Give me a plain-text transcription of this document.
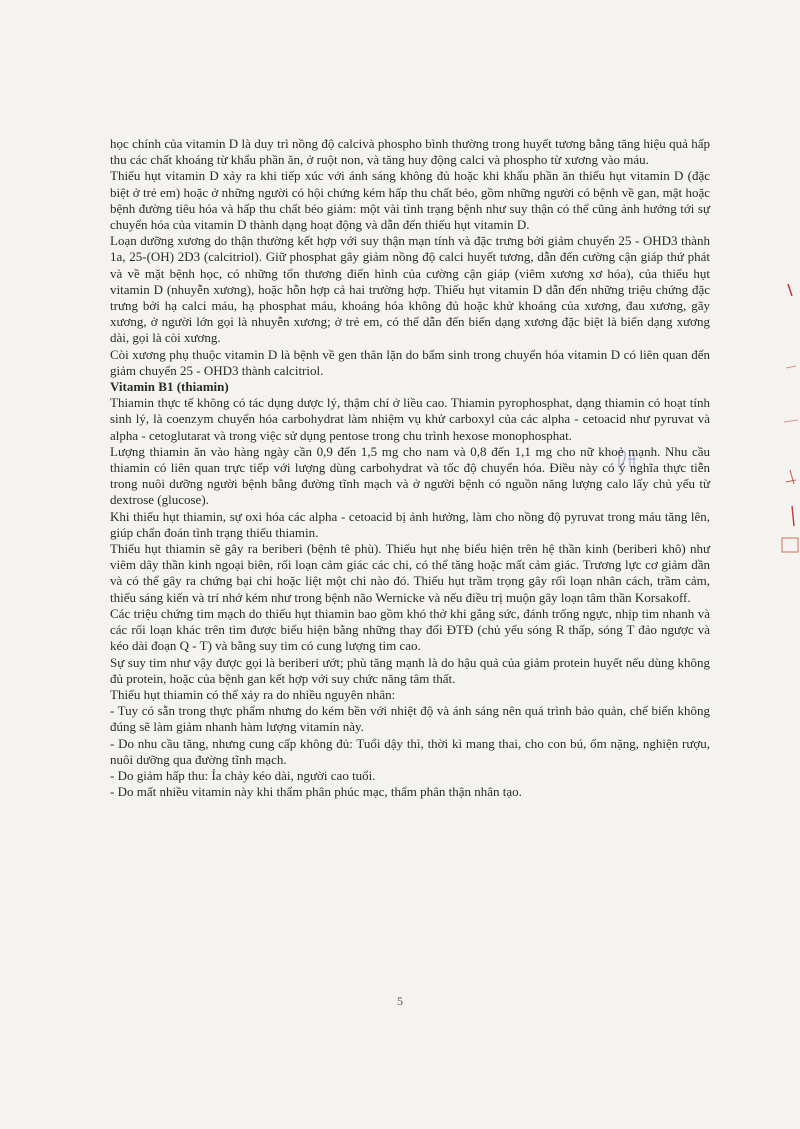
học chính của vitamin D là duy trì nồng độ calcivà phospho bình thường trong huyết tương bằng tăng hiệu quả hấp thu các chất khoáng từ khẩu phần ăn, ở ruột non, và tăng huy động calci và phospho từ xương vào máu.

Thiếu hụt vitamin D xảy ra khi tiếp xúc với ánh sáng không đủ hoặc khi khẩu phần ăn thiếu hụt vitamin D (đặc biệt ở trẻ em) hoặc ở những người có hội chứng kém hấp thu chất béo, gồm những người có bệnh về gan, mật hoặc bệnh đường tiêu hóa và hấp thu chất béo giảm: một vài tình trạng bệnh như suy thận có thể cũng ảnh hưởng tới sự chuyển hóa của vitamin D thành dạng hoạt động và dẫn đến thiếu hụt vitamin D.

Loạn dưỡng xương do thận thường kết hợp với suy thận mạn tính và đặc trưng bởi giảm chuyển 25 - OHD3 thành 1a, 25-(OH) 2D3 (calcitriol). Giữ phosphat gây giảm nồng độ calci huyết tương, dẫn đến cường cận giáp thứ phát và về mặt bệnh học, có những tổn thương điển hình của cường cận giáp (viêm xương xơ hóa), của thiếu hụt vitamin D (nhuyễn xương), hoặc hỗn hợp cả hai trường hợp. Thiếu hụt vitamin D dẫn đến những triệu chứng đặc trưng bởi hạ calci máu, hạ phosphat máu, khoáng hóa không đủ hoặc khử khoáng của xương, đau xương, gãy xương, ở người lớn gọi là nhuyễn xương; ở trẻ em, có thể dẫn đến biến dạng xương đặc biệt là biến dạng xương dài, gọi là còi xương.

Còi xương phụ thuộc vitamin D là bệnh về gen thân lặn do bẩm sinh trong chuyển hóa vitamin D có liên quan đến giảm chuyển 25 - OHD3 thành calcitriol.

Vitamin B1 (thiamin)

Thiamin thực tế không có tác dụng dược lý, thậm chí ở liều cao. Thiamin pyrophosphat, dạng thiamin có hoạt tính sinh lý, là coenzym chuyển hóa carbohydrat làm nhiệm vụ khử carboxyl của các alpha - cetoacid như pyruvat và alpha - cetoglutarat và trong việc sử dụng pentose trong chu trình hexose monophosphat.

Lượng thiamin ăn vào hàng ngày cần 0,9 đến 1,5 mg cho nam và 0,8 đến 1,1 mg cho nữ khoẻ mạnh. Nhu cầu thiamin có liên quan trực tiếp với lượng dùng carbohydrat và tốc độ chuyển hóa. Điều này có ý nghĩa thực tiễn trong nuôi dưỡng người bệnh bằng đường tĩnh mạch và ở người bệnh có nguồn năng lượng calo lấy chủ yếu từ dextrose (glucose).

Khi thiếu hụt thiamin, sự oxi hóa các alpha - cetoacid bị ảnh hưởng, làm cho nồng độ pyruvat trong máu tăng lên, giúp chẩn đoán tình trạng thiếu thiamin.

Thiếu hụt thiamin sẽ gây ra beriberi (bệnh tê phù). Thiếu hụt nhẹ biểu hiện trên hệ thần kinh (beriberi khô) như viêm dây thần kinh ngoại biên, rối loạn cảm giác các chi, có thể tăng hoặc mất cảm giác. Trương lực cơ giảm dần và có thể gây ra chứng bại chi hoặc liệt một chi nào đó. Thiếu hụt trầm trọng gây rối loạn nhân cách, trầm cảm, thiếu sáng kiến và trí nhớ kém như trong bệnh não Wernicke và nếu điều trị muộn gây loạn tâm thần Korsakoff.

Các triệu chứng tim mạch do thiếu hụt thiamin bao gồm khó thở khi gắng sức, đánh trống ngực, nhịp tim nhanh và các rối loạn khác trên tim được biểu hiện bằng những thay đổi ĐTĐ (chủ yếu sóng R thấp, sóng T đảo ngược và kéo dài đoạn Q - T) và bằng suy tim có cung lượng tim cao.

Sự suy tim như vậy được gọi là beriberi ướt; phù tăng mạnh là do hậu quả của giảm protein huyết nếu dùng không đủ protein, hoặc của bệnh gan kết hợp với suy chức năng tâm thất.

Thiếu hụt thiamin có thể xảy ra do nhiều nguyên nhân:

- Tuy có sẵn trong thực phẩm nhưng do kém bền với nhiệt độ và ánh sáng nên quá trình bảo quản, chế biến không đúng sẽ làm giảm nhanh hàm lượng vitamin này.

- Do nhu cầu tăng, nhưng cung cấp không đủ: Tuổi dậy thì, thời kì mang thai, cho con bú, ốm nặng, nghiện rượu, nuôi dưỡng qua đường tĩnh mạch.

- Do giảm hấp thu: Ỉa chảy kéo dài, người cao tuổi.

- Do mất nhiều vitamin này khi thẩm phân phúc mạc, thẩm phân thận nhân tạo.

5
